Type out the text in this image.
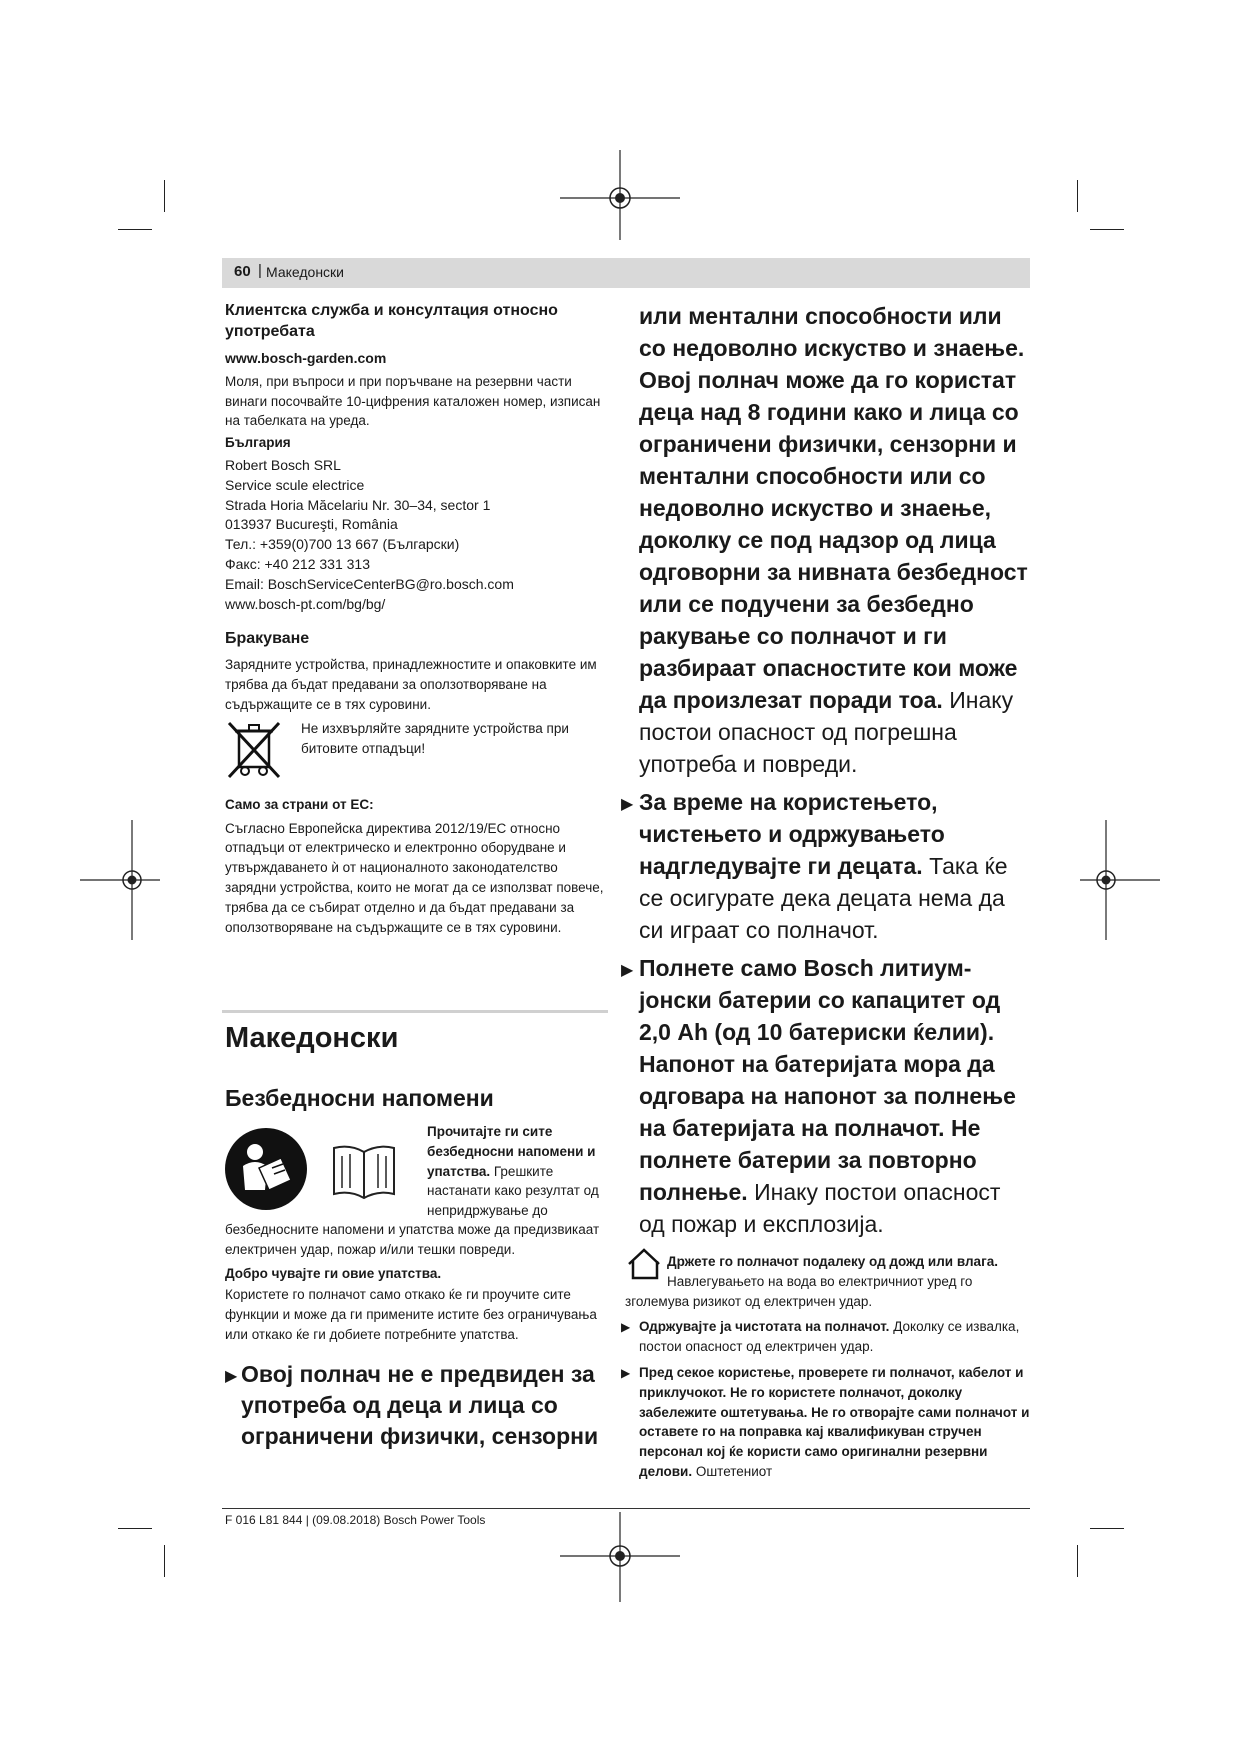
60 | Македонски

Клиентска служба и консултация относно употребата

www.bosch-garden.com

Моля, при въпроси и при поръчване на резервни части винаги посочвайте 10-цифрения каталожен номер, изписан на табелката на уреда.

България

Robert Bosch SRL
Service scule electrice
Strada Horia Măcelariu Nr. 30–34, sector 1
013937 Bucureşti, România
Тел.: +359(0)700 13 667 (Български)
Факс: +40 212 331 313
Email: BoschServiceCenterBG@ro.bosch.com
www.bosch-pt.com/bg/bg/

Бракуване

Зарядните устройства, принадлежностите и опаковките им трябва да бъдат предавани за оползотворяване на съдържащите се в тях суровини.

Не изхвърляйте зарядните устройства при битовите отпадъци!

Само за страни от ЕС:

Съгласно Европейска директива 2012/19/ЕС относно отпадъци от електрическо и електронно оборудване и утвърждаването ѝ от националното законодателство зарядни устройства, които не могат да се използват повече, трябва да се събират отделно и да бъдат предавани за оползотворяване на съдържащите се в тях суровини.

Македонски
Безбедносни напомени
Прочитајте ги сите безбедносни напомени и упатства. Грешките настанати како резултат од непридржување до

безбедносните напомени и упатства може да предизвикаат електричен удар, пожар и/или тешки повреди.

Добро чувајте ги овие упатства.

Користете го полначот само откако ќе ги проучите сите функции и може да ги примените истите без ограничувања или откако ќе ги добиете потребните упатства.

▶ Овој полнач не е предвиден за употреба од деца и лица со ограничени физички, сензорни

или ментални способности или со недоволно искуство и знаење. Овој полнач може да го користат деца над 8 години како и лица со ограничени физички, сензорни и ментални способности или со недоволно искуство и знаење, доколку се под надзор од лица одговорни за нивната безбедност или се подучени за безбедно ракување со полначот и ги разбираат опасностите кои може да произлезат поради тоа. Инаку постои опасност од погрешна употреба и повреди.

▶ За време на користењето, чистењето и одржувањето надгледувајте ги децата. Така ќе се осигурате дека децата нема да си играат со полначот.

▶ Полнете само Bosch литиум-јонски батерии со капацитет од 2,0 Ah (од 10 батериски ќелии). Напонот на батеријата мора да одговара на напонот за полнење на батеријата на полначот. Не полнете батерии за повторно полнење. Инаку постои опасност од пожар и експлозија.

Држете го полначот подалеку од дожд или влага. Навлегувањето на вода во електричниот уред го зголемува ризикот од електричен удар.
▶ Одржувајте ја чистотата на полначот. Доколку се извалка, постои опасност од електричен удар.
▶ Пред секое користење, проверете ги полначот, кабелот и приклучокот. Не го користете полначот, доколку забележите оштетувања. Не го отворајте сами полначот и оставете го на поправка кај квалификуван стручен персонал кој ќе користи само оригинални резервни делови. Оштетениот
F 016 L81 844 | (09.08.2018) Bosch Power Tools
